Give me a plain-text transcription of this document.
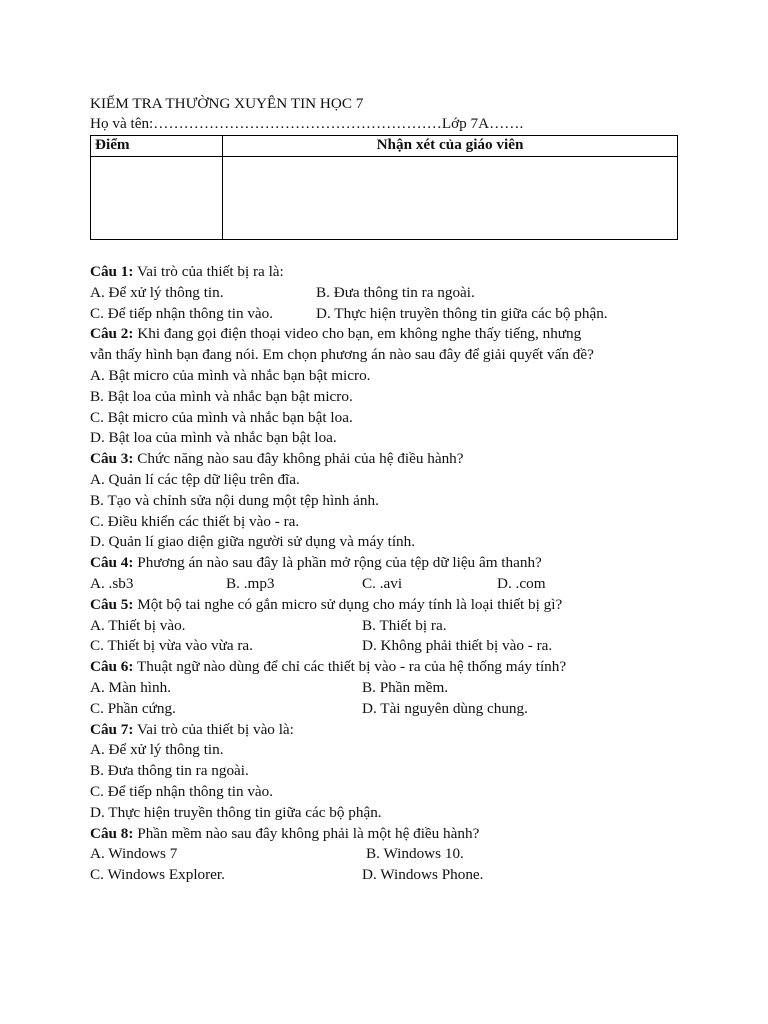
KIỂM TRA THƯỜNG XUYÊN TIN HỌC 7
Họ và tên:…………………………………………………Lớp 7A…….
Điểm	Nhận xét của giáo viên

Câu 1: Vai trò của thiết bị ra là:
A. Để xử lý thông tin.	B. Đưa thông tin ra ngoài.
C. Để tiếp nhận thông tin vào.	D. Thực hiện truyền thông tin giữa các bộ phận.
Câu 2: Khi đang gọi điện thoại video cho bạn, em không nghe thấy tiếng, nhưng
vẫn thấy hình bạn đang nói. Em chọn phương án nào sau đây để giải quyết vấn đề?
A. Bật micro của mình và nhắc bạn bật micro.
B. Bật loa của mình và nhắc bạn bật micro.
C. Bật micro của mình và nhắc bạn bật loa.
D. Bật loa của mình và nhắc bạn bật loa.
Câu 3: Chức năng nào sau đây không phải của hệ điều hành?
A. Quản lí các tệp dữ liệu trên đĩa.
B. Tạo và chỉnh sửa nội dung một tệp hình ảnh.
C. Điều khiển các thiết bị vào - ra.
D. Quản lí giao diện giữa người sử dụng và máy tính.
Câu 4: Phương án nào sau đây là phần mở rộng của tệp dữ liệu âm thanh?
A. .sb3	B. .mp3	C. .avi	D. .com
Câu 5: Một bộ tai nghe có gắn micro sử dụng cho máy tính là loại thiết bị gì?
A. Thiết bị vào.	B. Thiết bị ra.
C. Thiết bị vừa vào vừa ra.	D. Không phải thiết bị vào - ra.
Câu 6: Thuật ngữ nào dùng để chỉ các thiết bị vào - ra của hệ thống máy tính?
A. Màn hình.	B. Phần mềm.
C. Phần cứng.	D. Tài nguyên dùng chung.
Câu 7: Vai trò của thiết bị vào là:
A. Để xử lý thông tin.
B. Đưa thông tin ra ngoài.
C. Để tiếp nhận thông tin vào.
D. Thực hiện truyền thông tin giữa các bộ phận.
Câu 8: Phần mềm nào sau đây không phải là một hệ điều hành?
A. Windows 7	B. Windows 10.
C. Windows Explorer.	D. Windows Phone.
